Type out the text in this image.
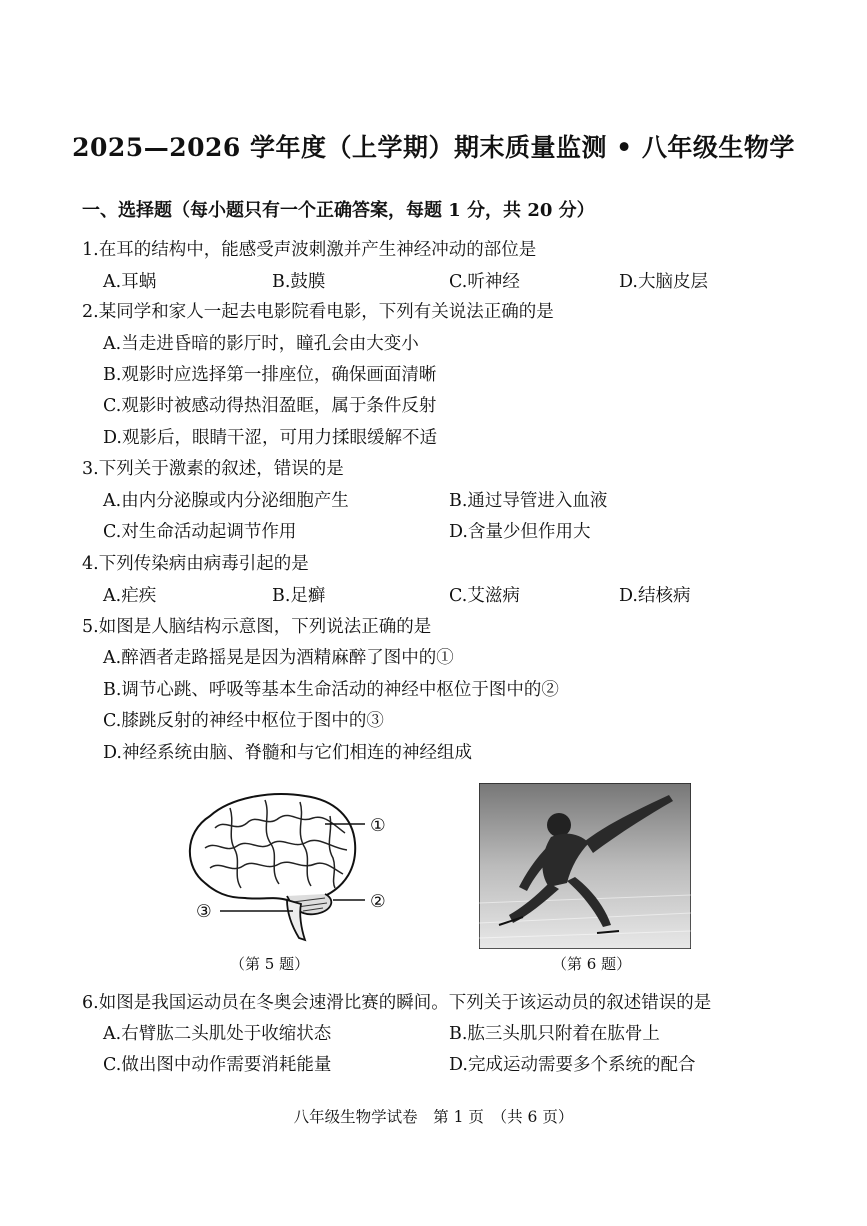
2025—2026 学年度（上学期）期末质量监测 • 八年级生物学
一、选择题（每小题只有一个正确答案，每题 1 分，共 20 分）
1.在耳的结构中，能感受声波刺激并产生神经冲动的部位是
A.耳蜗	B.鼓膜	C.听神经	D.大脑皮层
2.某同学和家人一起去电影院看电影，下列有关说法正确的是
A.当走进昏暗的影厅时，瞳孔会由大变小
B.观影时应选择第一排座位，确保画面清晰
C.观影时被感动得热泪盈眶，属于条件反射
D.观影后，眼睛干涩，可用力揉眼缓解不适
3.下列关于激素的叙述，错误的是
A.由内分泌腺或内分泌细胞产生	B.通过导管进入血液
C.对生命活动起调节作用	D.含量少但作用大
4.下列传染病由病毒引起的是
A.疟疾	B.足癣	C.艾滋病	D.结核病
5.如图是人脑结构示意图，下列说法正确的是
A.醉酒者走路摇晃是因为酒精麻醉了图中的①
B.调节心跳、呼吸等基本生命活动的神经中枢位于图中的②
C.膝跳反射的神经中枢位于图中的③
D.神经系统由脑、脊髓和与它们相连的神经组成
①
②
③
（第 5 题）	（第 6 题）
6.如图是我国运动员在冬奥会速滑比赛的瞬间。下列关于该运动员的叙述错误的是
A.右臂肱二头肌处于收缩状态	B.肱三头肌只附着在肱骨上
C.做出图中动作需要消耗能量	D.完成运动需要多个系统的配合
八年级生物学试卷　第 1 页　（共 6 页）
